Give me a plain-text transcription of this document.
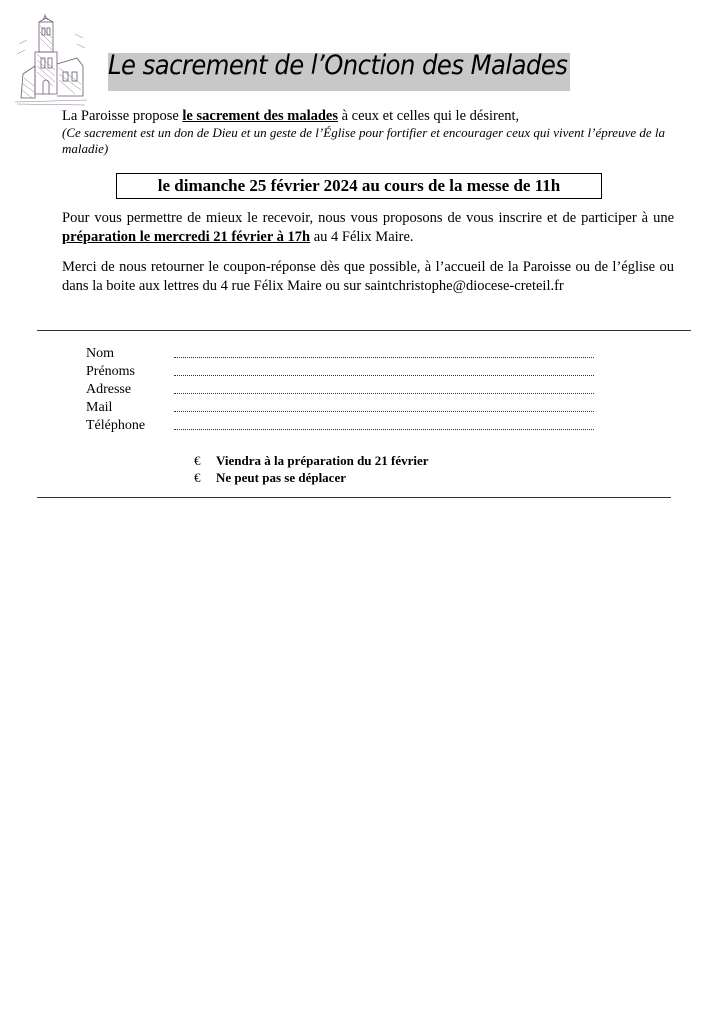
Le sacrement de l’Onction des Malades
La Paroisse propose le sacrement des malades à ceux et celles qui le désirent,
(Ce sacrement est un don de Dieu et un geste de l’Église pour fortifier et encourager ceux qui vivent l’épreuve de la maladie)
le dimanche 25 février 2024 au cours de la messe de 11h
Pour vous permettre de mieux le recevoir, nous vous proposons de vous inscrire et de participer à une préparation le mercredi 21 février à 17h au 4 Félix Maire.
Merci de nous retourner le coupon-réponse dès que possible, à l’accueil de la Paroisse ou de l’église ou dans la boite aux lettres du 4 rue Félix Maire ou sur saintchristophe@diocese-creteil.fr
Nom
Prénoms
Adresse
Mail
Téléphone
€ Viendra à la préparation du 21 février
€ Ne peut pas se déplacer
